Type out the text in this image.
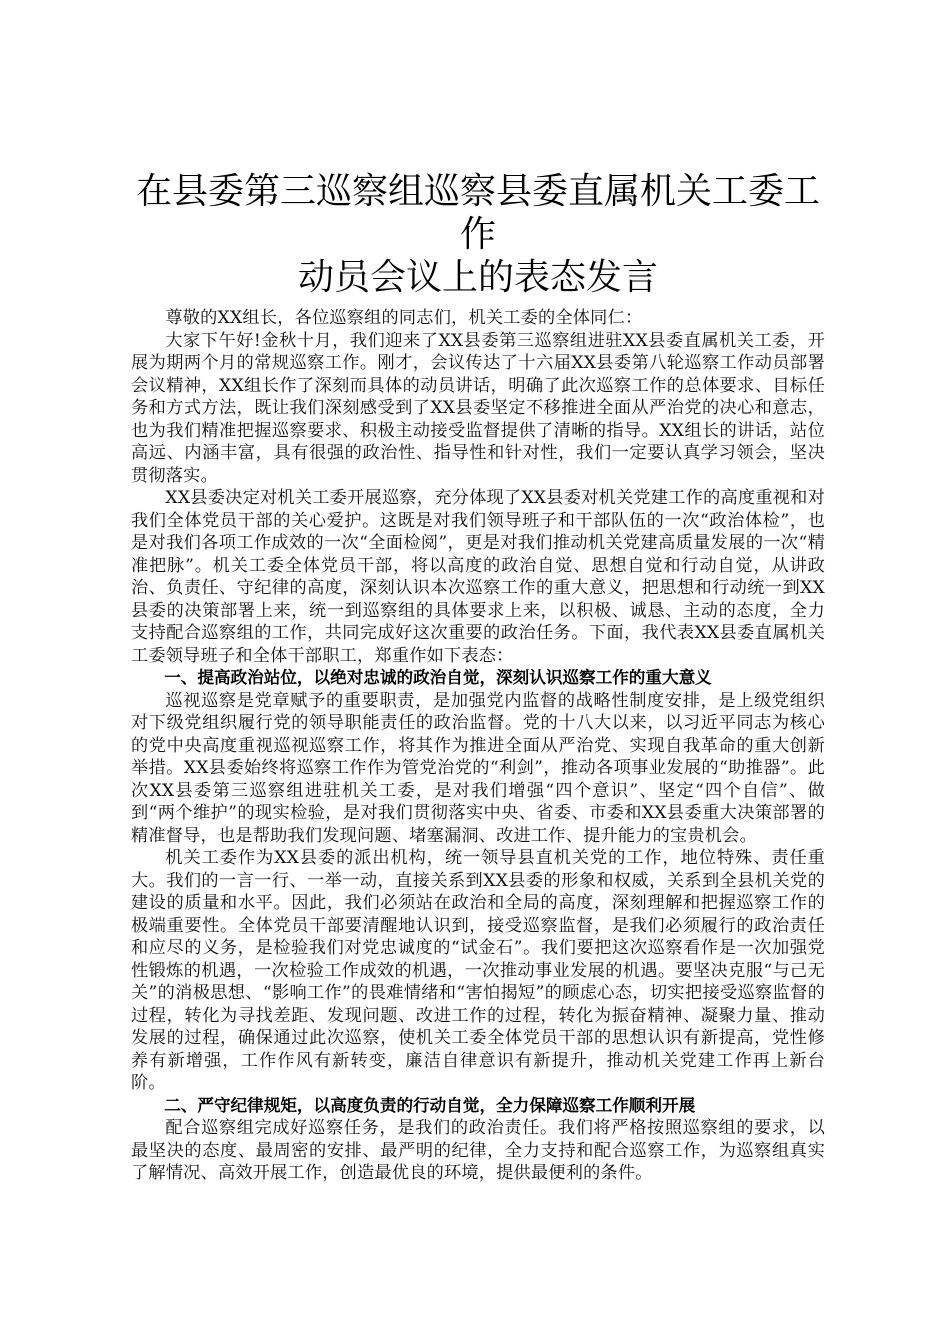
在县委第三巡察组巡察县委直属机关工委工作
动员会议上的表态发言

尊敬的XX组长，各位巡察组的同志们，机关工委的全体同仁：

大家下午好!金秋十月，我们迎来了XX县委第三巡察组进驻XX县委直属机关工委，开展为期两个月的常规巡察工作。刚才，会议传达了十六届XX县委第八轮巡察工作动员部署会议精神，XX组长作了深刻而具体的动员讲话，明确了此次巡察工作的总体要求、目标任务和方式方法，既让我们深刻感受到了XX县委坚定不移推进全面从严治党的决心和意志，也为我们精准把握巡察要求、积极主动接受监督提供了清晰的指导。XX组长的讲话，站位高远、内涵丰富，具有很强的政治性、指导性和针对性，我们一定要认真学习领会，坚决贯彻落实。

XX县委决定对机关工委开展巡察，充分体现了XX县委对机关党建工作的高度重视和对我们全体党员干部的关心爱护。这既是对我们领导班子和干部队伍的一次“政治体检”，也是对我们各项工作成效的一次“全面检阅”，更是对我们推动机关党建高质量发展的一次“精准把脉”。机关工委全体党员干部，将以高度的政治自觉、思想自觉和行动自觉，从讲政治、负责任、守纪律的高度，深刻认识本次巡察工作的重大意义，把思想和行动统一到XX县委的决策部署上来，统一到巡察组的具体要求上来，以积极、诚恳、主动的态度，全力支持配合巡察组的工作，共同完成好这次重要的政治任务。下面，我代表XX县委直属机关工委领导班子和全体干部职工，郑重作如下表态：

一、提高政治站位，以绝对忠诚的政治自觉，深刻认识巡察工作的重大意义

巡视巡察是党章赋予的重要职责，是加强党内监督的战略性制度安排，是上级党组织对下级党组织履行党的领导职能责任的政治监督。党的十八大以来，以习近平同志为核心的党中央高度重视巡视巡察工作，将其作为推进全面从严治党、实现自我革命的重大创新举措。XX县委始终将巡察工作作为管党治党的“利剑”，推动各项事业发展的“助推器”。此次XX县委第三巡察组进驻机关工委，是对我们增强“四个意识”、坚定“四个自信”、做到“两个维护”的现实检验，是对我们贯彻落实中央、省委、市委和XX县委重大决策部署的精准督导，也是帮助我们发现问题、堵塞漏洞、改进工作、提升能力的宝贵机会。

机关工委作为XX县委的派出机构，统一领导县直机关党的工作，地位特殊、责任重大。我们的一言一行、一举一动，直接关系到XX县委的形象和权威，关系到全县机关党的建设的质量和水平。因此，我们必须站在政治和全局的高度，深刻理解和把握巡察工作的极端重要性。全体党员干部要清醒地认识到，接受巡察监督，是我们必须履行的政治责任和应尽的义务，是检验我们对党忠诚度的“试金石”。我们要把这次巡察看作是一次加强党性锻炼的机遇，一次检验工作成效的机遇，一次推动事业发展的机遇。要坚决克服“与己无关”的消极思想、“影响工作”的畏难情绪和“害怕揭短”的顾虑心态，切实把接受巡察监督的过程，转化为寻找差距、发现问题、改进工作的过程，转化为振奋精神、凝聚力量、推动发展的过程，确保通过此次巡察，使机关工委全体党员干部的思想认识有新提高，党性修养有新增强，工作作风有新转变，廉洁自律意识有新提升，推动机关党建工作再上新台阶。

二、严守纪律规矩，以高度负责的行动自觉，全力保障巡察工作顺利开展

配合巡察组完成好巡察任务，是我们的政治责任。我们将严格按照巡察组的要求，以最坚决的态度、最周密的安排、最严明的纪律，全力支持和配合巡察工作，为巡察组真实了解情况、高效开展工作，创造最优良的环境，提供最便利的条件。
